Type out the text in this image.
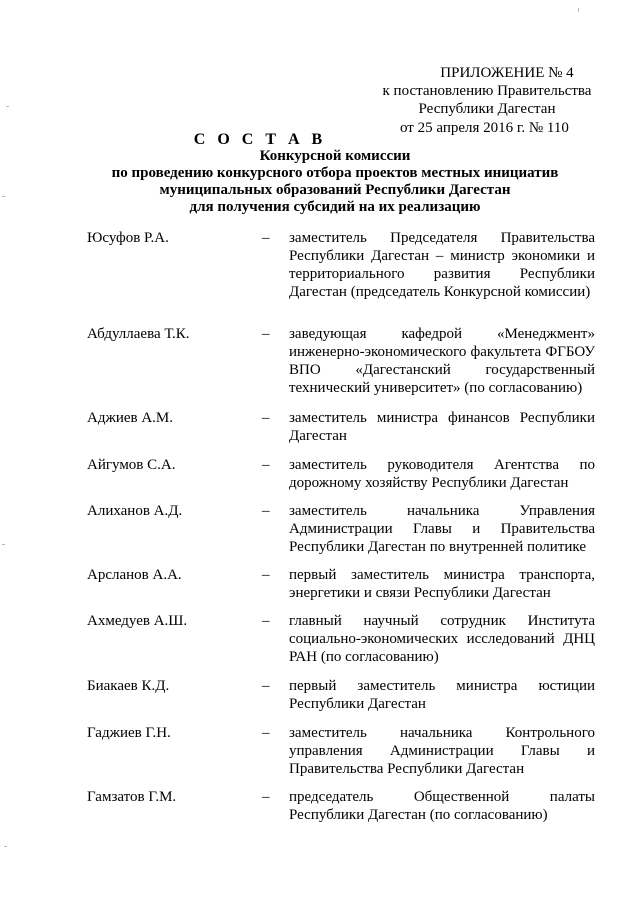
ПРИЛОЖЕНИЕ № 4
к постановлению Правительства
Республики Дагестан
от 25 апреля 2016 г. № 110
С О С Т А В
Конкурсной комиссии
по проведению конкурсного отбора проектов местных инициатив
муниципальных образований Республики Дагестан
для получения субсидий на их реализацию
Юсуфов Р.А.	– заместитель Председателя Правительства Республики Дагестан – министр экономики и территориального развития Республики Дагестан (председатель Конкурсной комиссии)
Абдуллаева Т.К.	– заведующая кафедрой «Менеджмент» инженерно-экономического факультета ФГБОУ ВПО «Дагестанский государственный технический университет» (по согласованию)
Аджиев А.М.	– заместитель министра финансов Республики Дагестан
Айгумов С.А.	– заместитель руководителя Агентства по дорожному хозяйству Республики Дагестан
Алиханов А.Д.	– заместитель начальника Управления Администрации Главы и Правительства Республики Дагестан по внутренней политике
Арсланов А.А.	– первый заместитель министра транспорта, энергетики и связи Республики Дагестан
Ахмедуев А.Ш.	– главный научный сотрудник Института социально-экономических исследований ДНЦ РАН (по согласованию)
Биакаев К.Д.	– первый заместитель министра юстиции Республики Дагестан
Гаджиев Г.Н.	– заместитель начальника Контрольного управления Администрации Главы и Правительства Республики Дагестан
Гамзатов Г.М.	– председатель Общественной палаты Республики Дагестан (по согласованию)
